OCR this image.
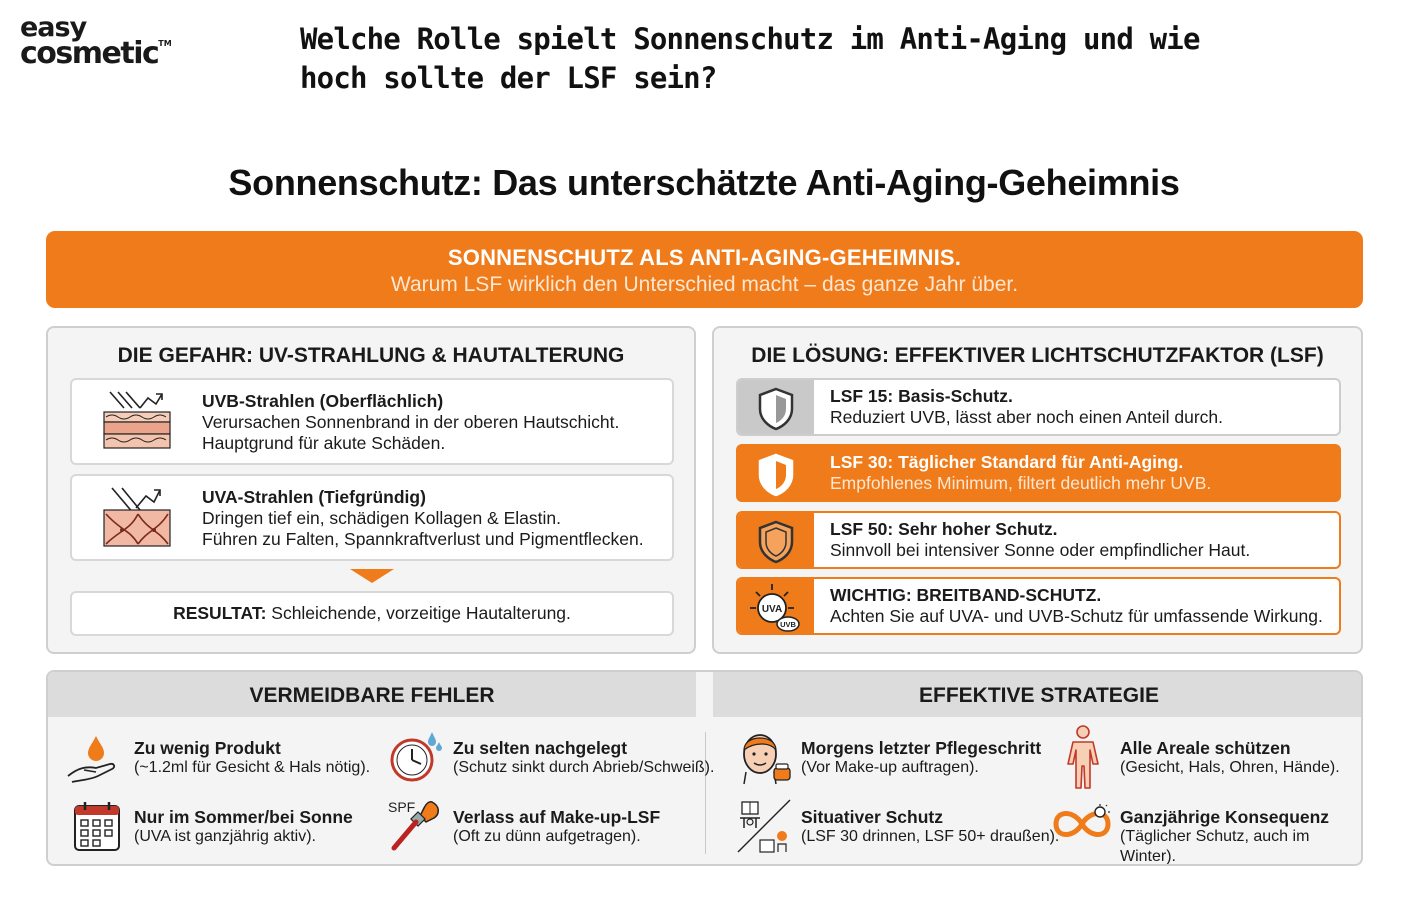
easy
cosmetic™	Welche Rolle spielt Sonnenschutz im Anti-Aging und wie hoch sollte der LSF sein?
Sonnenschutz: Das unterschätzte Anti-Aging-Geheimnis
SONNENSCHUTZ ALS ANTI-AGING-GEHEIMNIS.
Warum LSF wirklich den Unterschied macht – das ganze Jahr über.
DIE GEFAHR: UV-STRAHLUNG & HAUTALTERUNG
UVB-Strahlen (Oberflächlich)
Verursachen Sonnenbrand in der oberen Hautschicht.
Hauptgrund für akute Schäden.
UVA-Strahlen (Tiefgründig)
Dringen tief ein, schädigen Kollagen & Elastin.
Führen zu Falten, Spannkraftverlust und Pigmentflecken.
RESULTAT: Schleichende, vorzeitige Hautalterung.
DIE LÖSUNG: EFFEKTIVER LICHTSCHUTZFAKTOR (LSF)
LSF 15: Basis-Schutz.
Reduziert UVB, lässt aber noch einen Anteil durch.
LSF 30: Täglicher Standard für Anti-Aging.
Empfohlenes Minimum, filtert deutlich mehr UVB.
LSF 50: Sehr hoher Schutz.
Sinnvoll bei intensiver Sonne oder empfindlicher Haut.
UVA
UVB
WICHTIG: BREITBAND-SCHUTZ.
Achten Sie auf UVA- und UVB-Schutz für umfassende Wirkung.
VERMEIDBARE FEHLER	EFFEKTIVE STRATEGIE
Zu wenig Produkt
(~1.2ml für Gesicht & Hals nötig).
Zu selten nachgelegt
(Schutz sinkt durch Abrieb/Schweiß).
Nur im Sommer/bei Sonne
(UVA ist ganzjährig aktiv).
SPF Verlass auf Make-up-LSF
(Oft zu dünn aufgetragen).
Morgens letzter Pflegeschritt
(Vor Make-up auftragen).
Alle Areale schützen
(Gesicht, Hals, Ohren, Hände).
Situativer Schutz
(LSF 30 drinnen, LSF 50+ draußen).
Ganzjährige Konsequenz
(Täglicher Schutz, auch im Winter).
